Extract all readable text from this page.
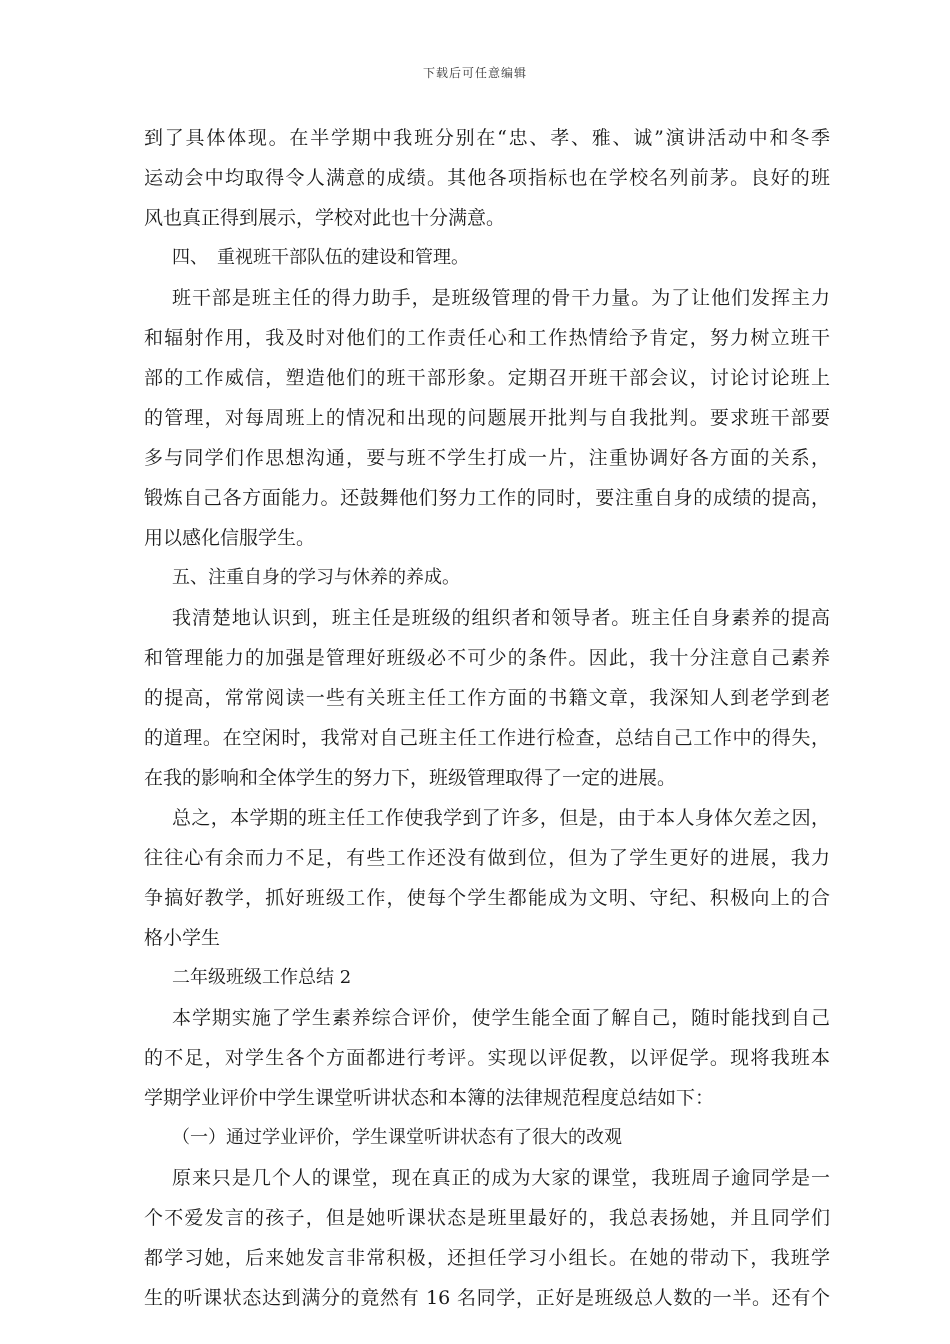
下载后可任意编辑
到了具体体现。在半学期中我班分别在“忠、孝、雅、诚”演讲活动中和冬季
运动会中均取得令人满意的成绩。其他各项指标也在学校名列前茅。良好的班
风也真正得到展示，学校对此也十分满意。
四、　重视班干部队伍的建设和管理。
班干部是班主任的得力助手，是班级管理的骨干力量。为了让他们发挥主力
和辐射作用，我及时对他们的工作责任心和工作热情给予肯定，努力树立班干
部的工作威信，塑造他们的班干部形象。定期召开班干部会议，讨论讨论班上
的管理，对每周班上的情况和出现的问题展开批判与自我批判。要求班干部要
多与同学们作思想沟通，要与班不学生打成一片，注重协调好各方面的关系，
锻炼自己各方面能力。还鼓舞他们努力工作的同时，要注重自身的成绩的提高，
用以感化信服学生。
五、注重自身的学习与休养的养成。
我清楚地认识到，班主任是班级的组织者和领导者。班主任自身素养的提高
和管理能力的加强是管理好班级必不可少的条件。因此，我十分注意自己素养
的提高，常常阅读一些有关班主任工作方面的书籍文章，我深知人到老学到老
的道理。在空闲时，我常对自己班主任工作进行检查，总结自己工作中的得失，
在我的影响和全体学生的努力下，班级管理取得了一定的进展。
总之，本学期的班主任工作使我学到了许多，但是，由于本人身体欠差之因，
往往心有余而力不足，有些工作还没有做到位，但为了学生更好的进展，我力
争搞好教学，抓好班级工作，使每个学生都能成为文明、守纪、积极向上的合
格小学生
二年级班级工作总结 2
本学期实施了学生素养综合评价，使学生能全面了解自己，随时能找到自己
的不足，对学生各个方面都进行考评。实现以评促教，以评促学。现将我班本
学期学业评价中学生课堂听讲状态和本簿的法律规范程度总结如下：
（一）通过学业评价，学生课堂听讲状态有了很大的改观
原来只是几个人的课堂，现在真正的成为大家的课堂，我班周子逾同学是一
个不爱发言的孩子，但是她听课状态是班里最好的，我总表扬她，并且同学们
都学习她，后来她发言非常积极，还担任学习小组长。在她的带动下，我班学
生的听课状态达到满分的竟然有 16 名同学，正好是班级总人数的一半。还有个
